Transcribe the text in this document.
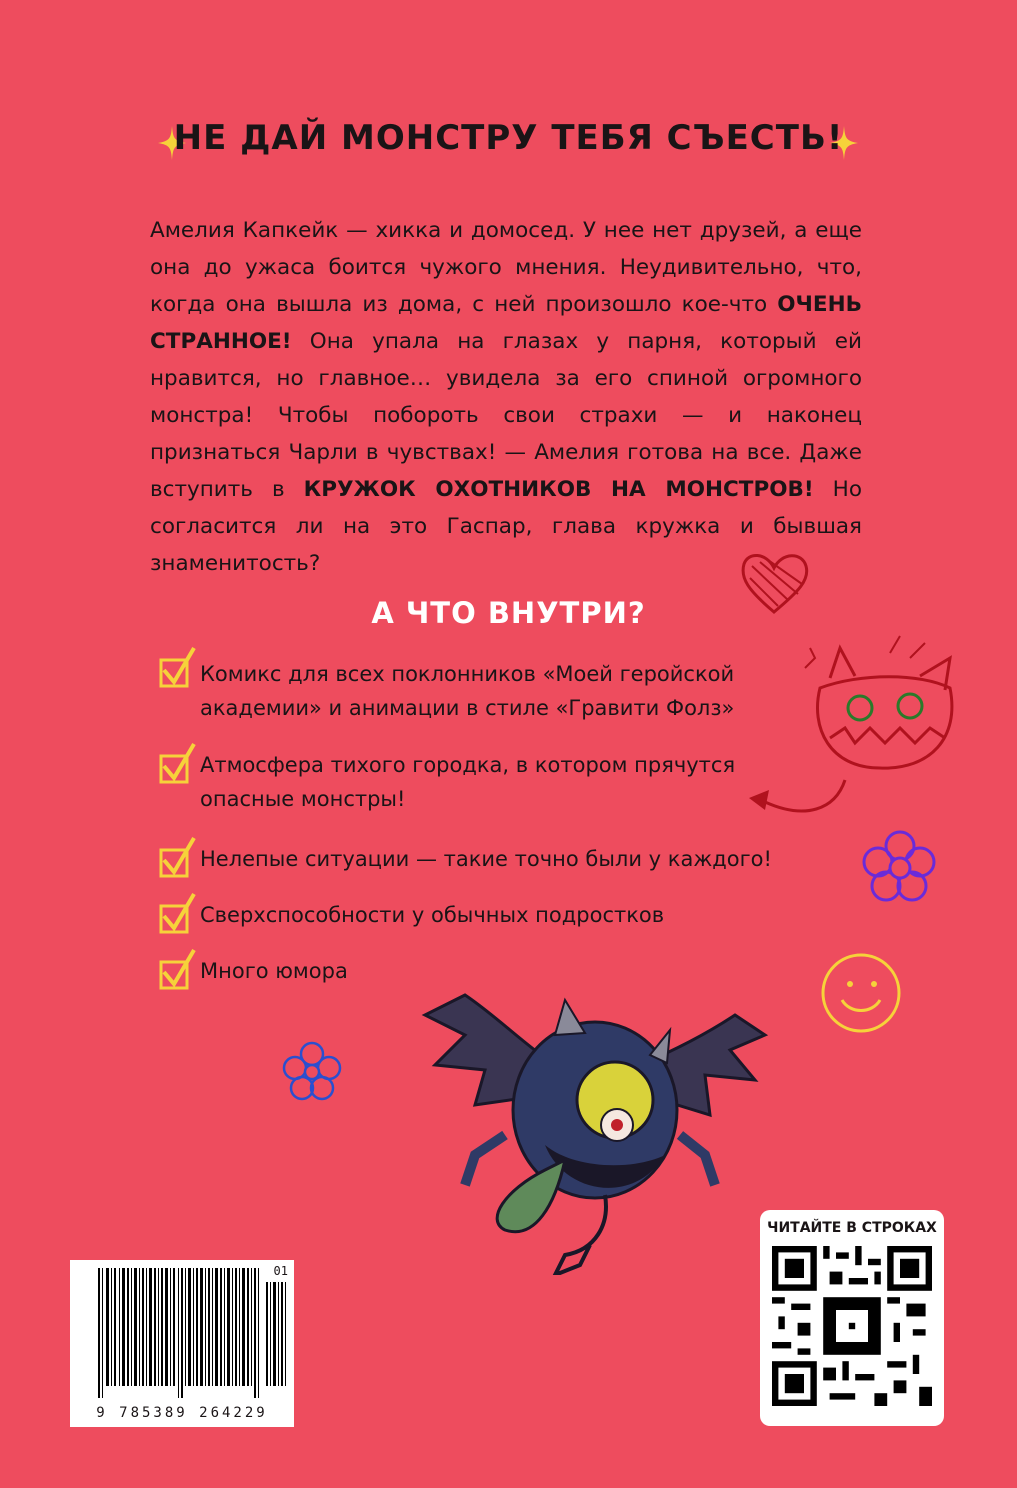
НЕ ДАЙ МОНСТРУ ТЕБЯ СЪЕСТЬ!
Амелия Капкейк — хикка и домосед. У нее нет друзей, а еще она до ужаса боится чужого мнения. Неудивительно, что, когда она вышла из дома, с ней произошло кое-что ОЧЕНЬ СТРАННОЕ! Она упала на глазах у парня, который ей нравится, но главное… увидела за его спиной огромного монстра! Чтобы побороть свои страхи — и наконец признаться Чарли в чувствах! — Амелия готова на все. Даже вступить в КРУЖОК ОХОТНИКОВ НА МОНСТРОВ! Но согласится ли на это Гаспар, глава кружка и бывшая знаменитость?
А ЧТО ВНУТРИ?
Комикс для всех поклонников «Моей геройской
академии» и анимации в стиле «Гравити Фолз»
Атмосфера тихого городка, в котором прячутся
опасные монстры!
Нелепые ситуации — такие точно были у каждого!
Сверхспособности у обычных подростков
Много юмора
01
9 785389 264229
ЧИТАЙТЕ В СТРОКАХ
